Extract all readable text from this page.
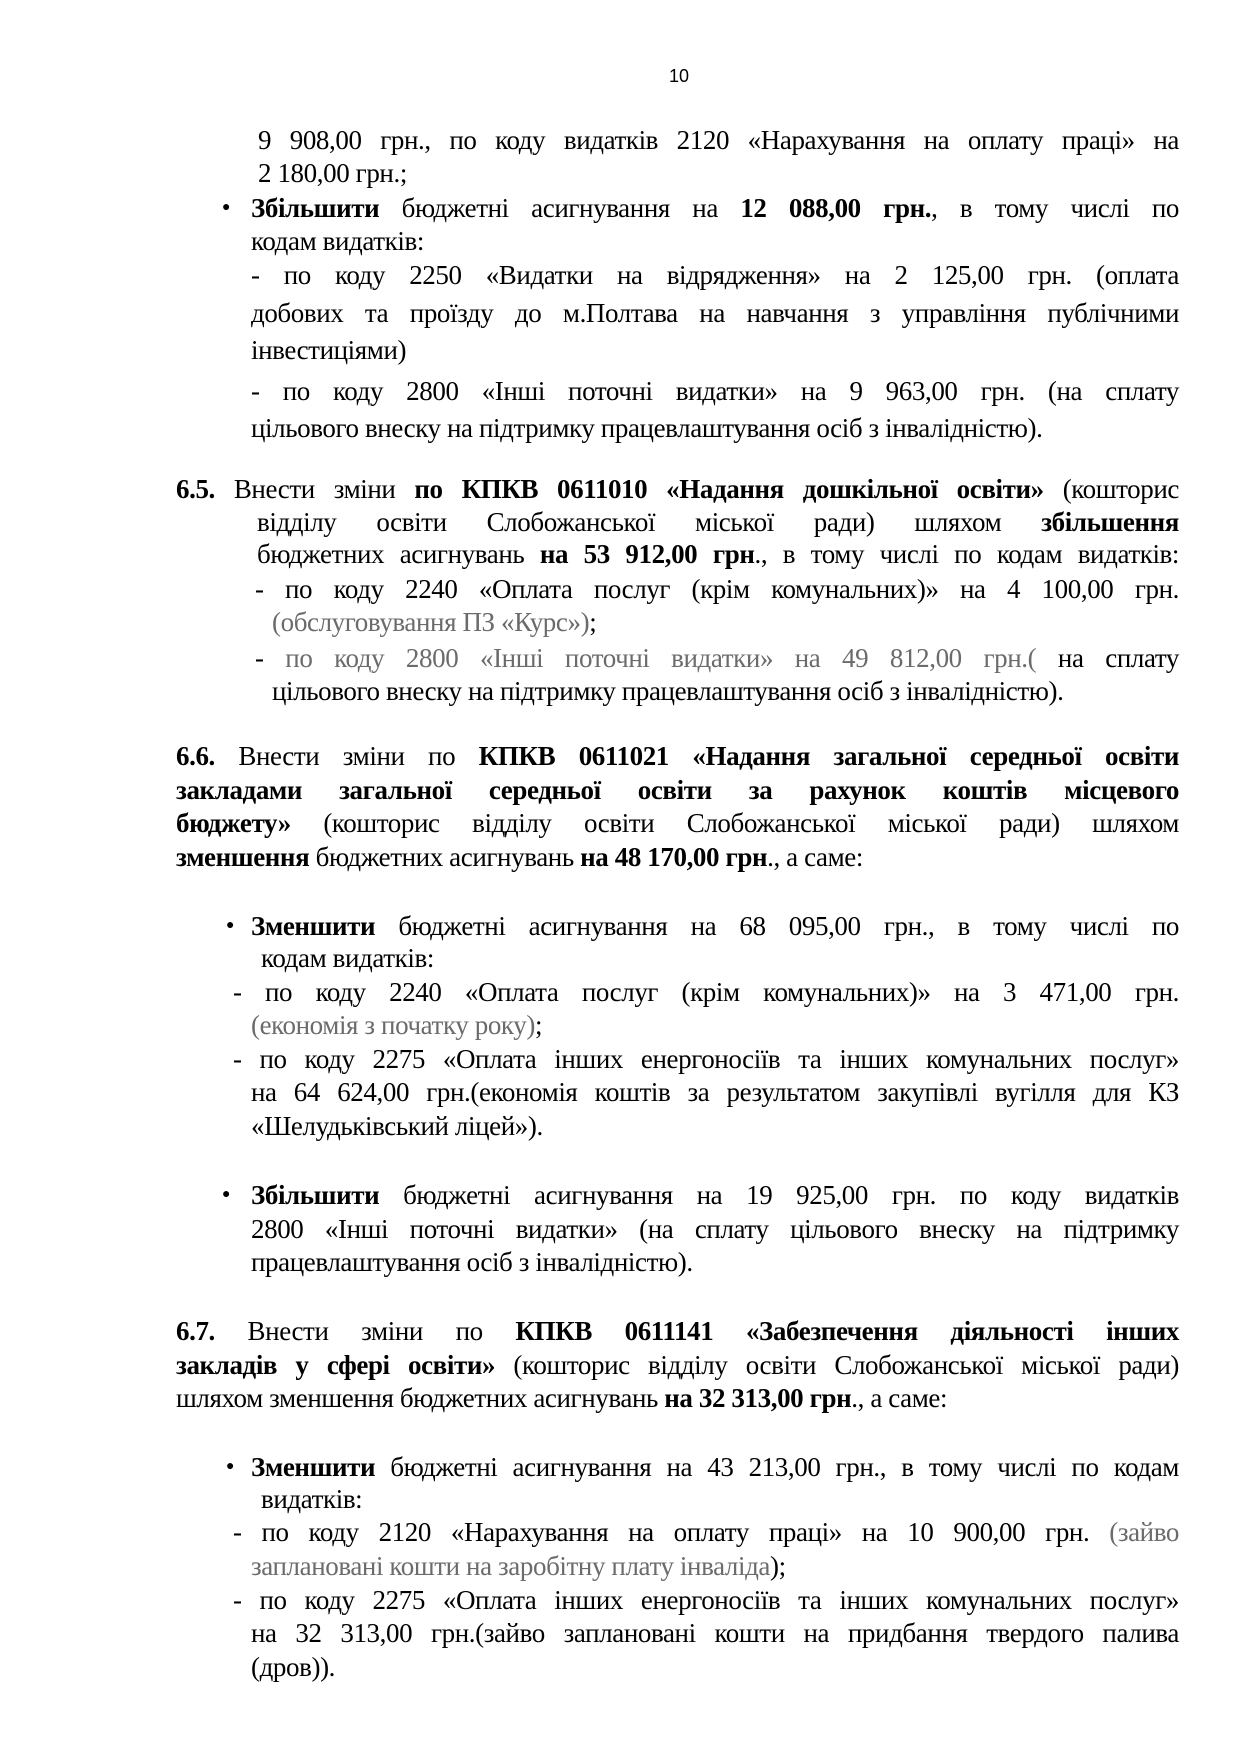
10
9 908,00 грн., по коду видатків 2120 «Нарахування на оплату праці» на
2 180,00 грн.;
● Збільшити бюджетні асигнування на 12 088,00 грн., в тому числі по
кодам видатків:
- по коду 2250 «Видатки на відрядження» на 2 125,00 грн. (оплата
добових та проїзду до м.Полтава на навчання з управління публічними
інвестиціями)
- по коду 2800 «Інші поточні видатки» на 9 963,00 грн. (на сплату
цільового внеску на підтримку працевлаштування осіб з інвалідністю).
6.5. Внести зміни по КПКВ 0611010 «Надання дошкільної освіти» (кошторис
відділу освіти Слобожанської міської ради) шляхом збільшення
бюджетних асигнувань на 53 912,00 грн., в тому числі по кодам видатків:
- по коду 2240 «Оплата послуг (крім комунальних)» на 4 100,00 грн.
(обслуговування ПЗ «Курс»);
- по коду 2800 «Інші поточні видатки» на 49 812,00 грн.( на сплату
цільового внеску на підтримку працевлаштування осіб з інвалідністю).
6.6. Внести зміни по КПКВ 0611021 «Надання загальної середньої освіти
закладами загальної середньої освіти за рахунок коштів місцевого
бюджету» (кошторис відділу освіти Слобожанської міської ради) шляхом
зменшення бюджетних асигнувань на 48 170,00 грн., а саме:
● Зменшити бюджетні асигнування на 68 095,00 грн., в тому числі по
кодам видатків:
- по коду 2240 «Оплата послуг (крім комунальних)» на 3 471,00 грн.
(економія з початку року);
- по коду 2275 «Оплата інших енергоносіїв та інших комунальних послуг»
на 64 624,00 грн.(економія коштів за результатом закупівлі вугілля для КЗ
«Шелудьківський ліцей»).
● Збільшити бюджетні асигнування на 19 925,00 грн. по коду видатків
2800 «Інші поточні видатки» (на сплату цільового внеску на підтримку
працевлаштування осіб з інвалідністю).
6.7. Внести зміни по КПКВ 0611141 «Забезпечення діяльності інших
закладів у сфері освіти» (кошторис відділу освіти Слобожанської міської ради)
шляхом зменшення бюджетних асигнувань на 32 313,00 грн., а саме:
● Зменшити бюджетні асигнування на 43 213,00 грн., в тому числі по кодам
видатків:
- по коду 2120 «Нарахування на оплату праці» на 10 900,00 грн. (зайво
заплановані кошти на заробітну плату інваліда);
- по коду 2275 «Оплата інших енергоносіїв та інших комунальних послуг»
на 32 313,00 грн.(зайво заплановані кошти на придбання твердого палива
(дров)).
